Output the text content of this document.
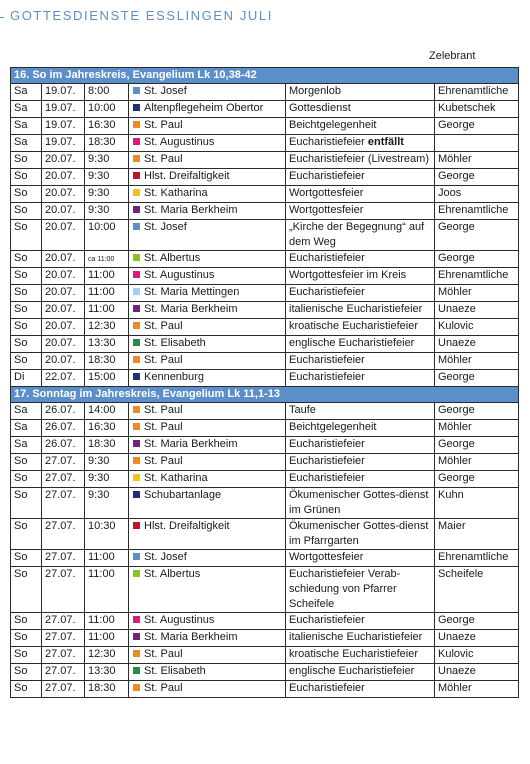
GOTTESDIENSTE ESSLINGEN JULI
Zelebrant
16. So im Jahreskreis, Evangelium Lk 10,38-42					
Sa	19.07.	8:00	St. Josef	Morgenlob	Ehrenamtliche
Sa	19.07.	10:00	Altenpflegeheim Obertor	Gottesdienst	Kubetschek
Sa	19.07.	16:30	St. Paul	Beichtgelegenheit	George
Sa	19.07.	18:30	St. Augustinus	Eucharistiefeier entfällt	
So	20.07.	9:30	St. Paul	Eucharistiefeier (Livestream)	Möhler
So	20.07.	9:30	Hlst. Dreifaltigkeit	Eucharistiefeier	George
So	20.07.	9:30	St. Katharina	Wortgottesfeier	Joos
So	20.07.	9:30	St. Maria Berkheim	Wortgottesfeier	Ehrenamtliche
So	20.07.	10:00	St. Josef	„Kirche der Begegnung“ auf dem Weg	George
So	20.07.	ca 11:00	St. Albertus	Eucharistiefeier	George
So	20.07.	11:00	St. Augustinus	Wortgottesfeier im Kreis	Ehrenamtliche
So	20.07.	11:00	St. Maria Mettingen	Eucharistiefeier	Möhler
So	20.07.	11:00	St. Maria Berkheim	italienische Eucharistiefeier	Unaeze
So	20.07.	12:30	St. Paul	kroatische Eucharistiefeier	Kulovic
So	20.07.	13:30	St. Elisabeth	englische Eucharistiefeier	Unaeze
So	20.07.	18:30	St. Paul	Eucharistiefeier	Möhler
Di	22.07.	15:00	Kennenburg	Eucharistiefeier	George
17. Sonntag im Jahreskreis, Evangelium Lk 11,1-13					
Sa	26.07.	14:00	St. Paul	Taufe	George
Sa	26.07.	16:30	St. Paul	Beichtgelegenheit	Möhler
Sa	26.07.	18:30	St. Maria Berkheim	Eucharistiefeier	George
So	27.07.	9:30	St. Paul	Eucharistiefeier	Möhler
So	27.07.	9:30	St. Katharina	Eucharistiefeier	George
So	27.07.	9:30	Schubartanlage	Ökumenischer Gottes-dienst im Grünen	Kuhn
So	27.07.	10:30	Hlst. Dreifaltigkeit	Ökumenischer Gottes-dienst im Pfarrgarten	Maier
So	27.07.	11:00	St. Josef	Wortgottesfeier	Ehrenamtliche
So	27.07.	11:00	St. Albertus	Eucharistiefeier Verab-schiedung von Pfarrer Scheifele	Scheifele
So	27.07.	11:00	St. Augustinus	Eucharistiefeier	George
So	27.07.	11:00	St. Maria Berkheim	italienische Eucharistiefeier	Unaeze
So	27.07.	12:30	St. Paul	kroatische Eucharistiefeier	Kulovic
So	27.07.	13:30	St. Elisabeth	englische Eucharistiefeier	Unaeze
So	27.07.	18:30	St. Paul	Eucharistiefeier	Möhler
